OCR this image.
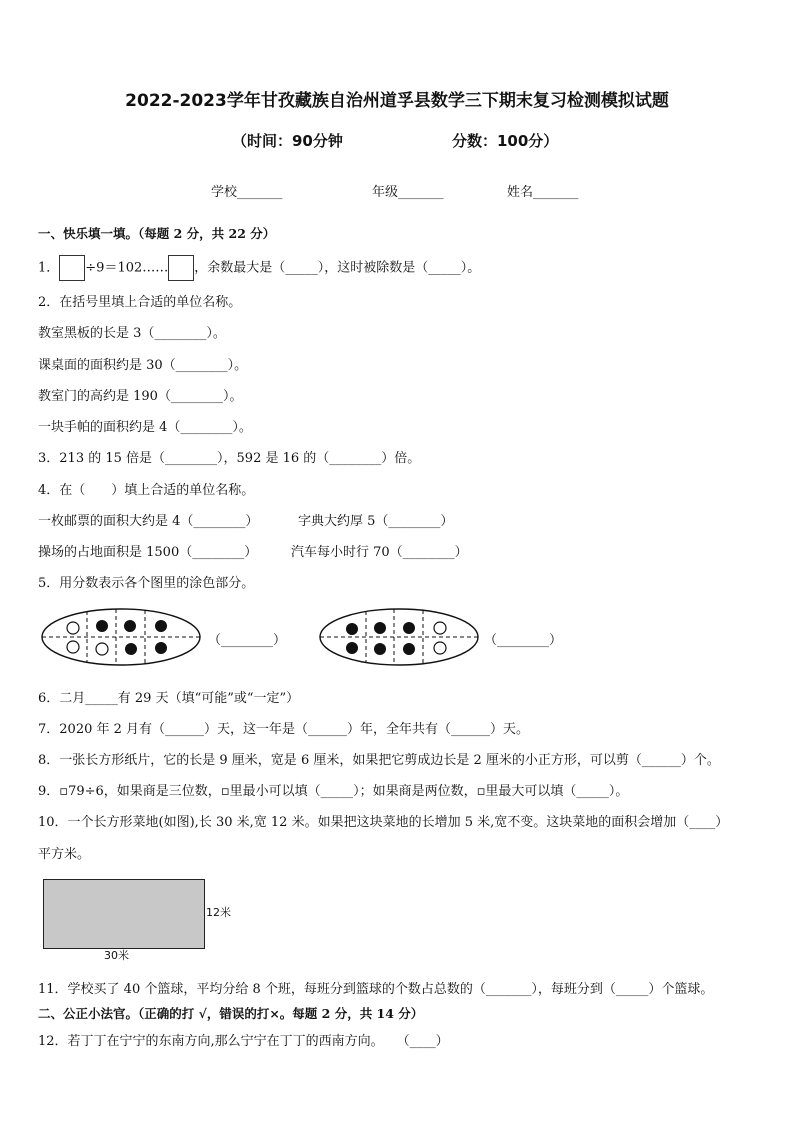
2022-2023学年甘孜藏族自治州道孚县数学三下期末复习检测模拟试题
（时间：90分钟	分数：100分）
学校_______	年级_______	姓名_______
一、快乐填一填。（每题 2 分，共 22 分）
1． ÷9＝102…… ，余数最大是（_____），这时被除数是（_____）。
2．在括号里填上合适的单位名称。
教室黑板的长是 3（________）。
课桌面的面积约是 30（________）。
教室门的高约是 190（________）。
一块手帕的面积约是 4（________）。
3．213 的 15 倍是（________），592 是 16 的（________）倍。
4．在（　　）填上合适的单位名称。
一枚邮票的面积大约是 4（________）	字典大约厚 5（________）
操场的占地面积是 1500（________）	汽车每小时行 70（________）
5．用分数表示各个图里的涂色部分。
（________）	（________）
6．二月_____有 29 天（填“可能”或“一定”）
7．2020 年 2 月有（______）天，这一年是（______）年，全年共有（______）天。
8．一张长方形纸片，它的长是 9 厘米，宽是 6 厘米，如果把它剪成边长是 2 厘米的小正方形，可以剪（______）个。
9．▫79÷6，如果商是三位数，▫里最小可以填（_____）；如果商是两位数，▫里最大可以填（_____）。
10．一个长方形菜地(如图),长 30 米,宽 12 米。如果把这块菜地的长增加 5 米,宽不变。这块菜地的面积会增加（____）
平方米。
12米
30米
11．学校买了 40 个篮球，平均分给 8 个班，每班分到篮球的个数占总数的（_______），每班分到（_____）个篮球。
二、公正小法官。（正确的打 √，错误的打×。每题 2 分，共 14 分）
12．若丁丁在宁宁的东南方向,那么宁宁在丁丁的西南方向。　　（____）
